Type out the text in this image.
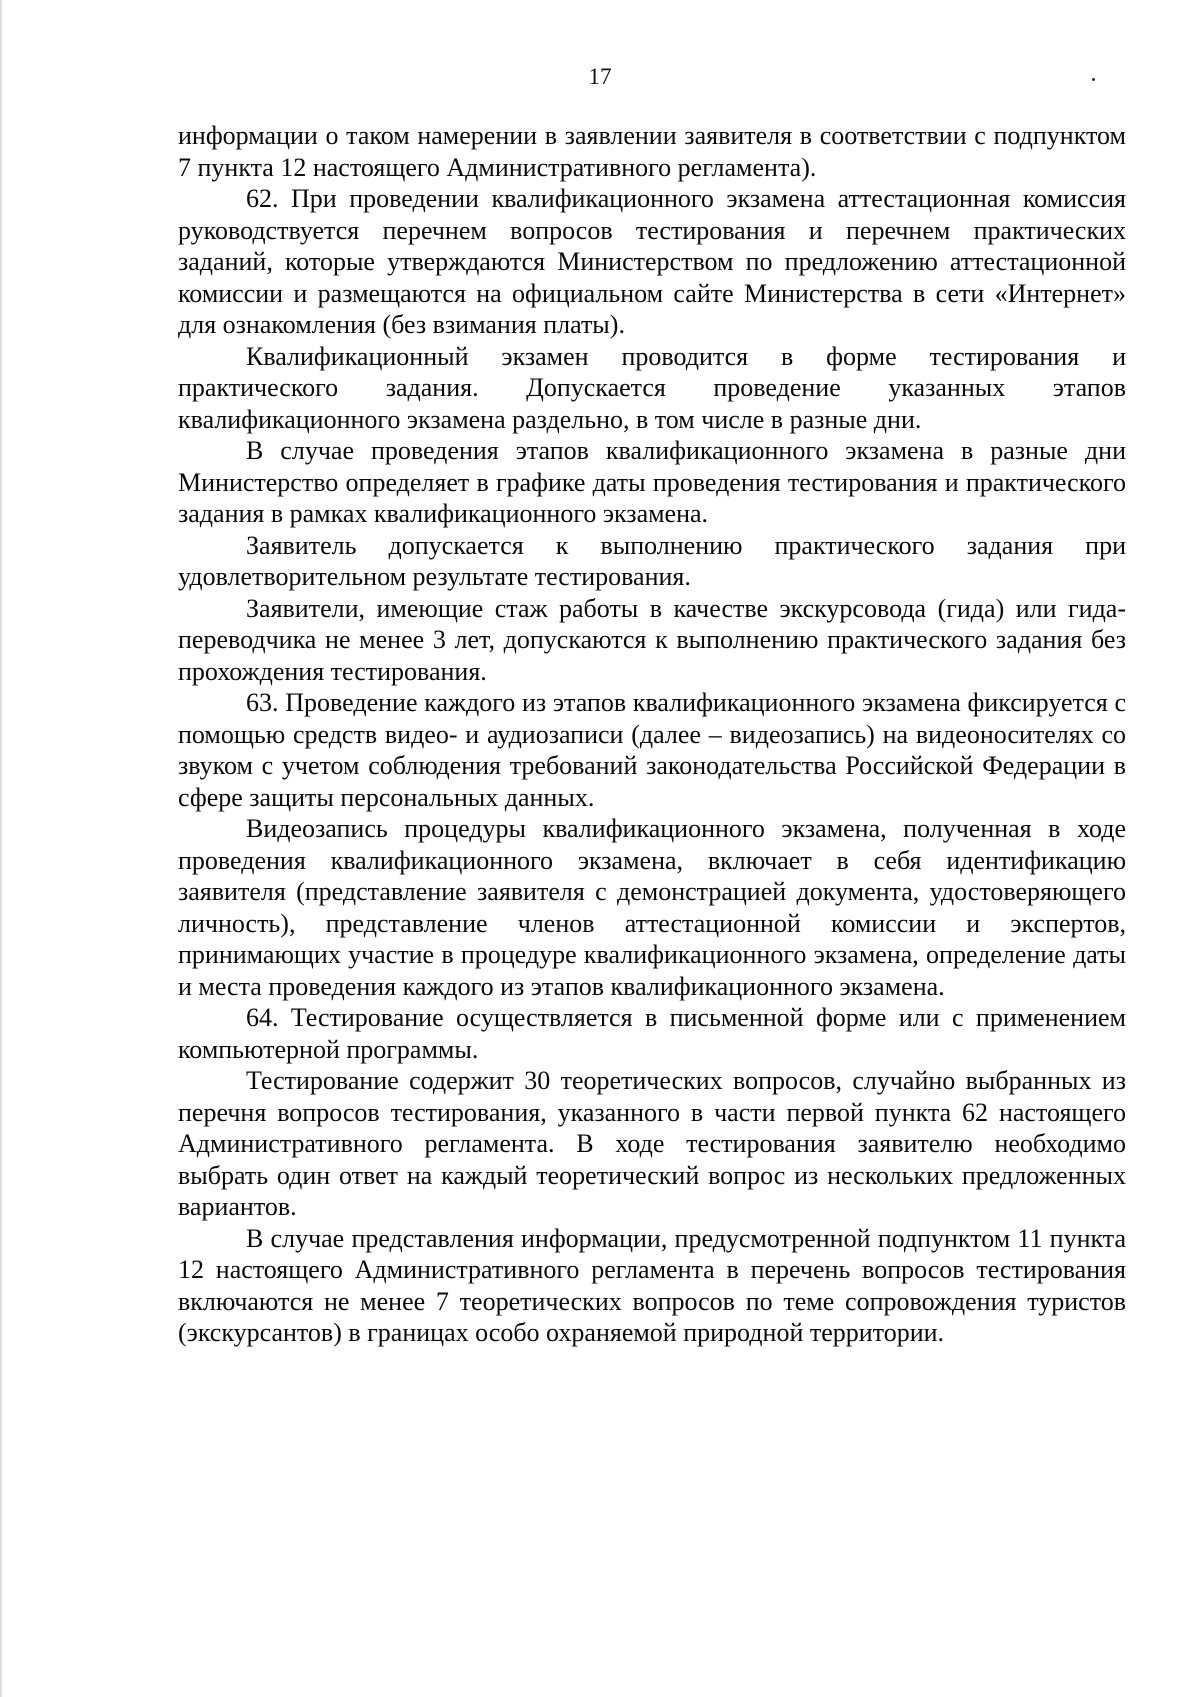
17

информации о таком намерении в заявлении заявителя в соответствии с подпунктом 7 пункта 12 настоящего Административного регламента).

62. При проведении квалификационного экзамена аттестационная комиссия руководствуется перечнем вопросов тестирования и перечнем практических заданий, которые утверждаются Министерством по предложению аттестационной комиссии и размещаются на официальном сайте Министерства в сети «Интернет» для ознакомления (без взимания платы).

Квалификационный экзамен проводится в форме тестирования и практического задания. Допускается проведение указанных этапов квалификационного экзамена раздельно, в том числе в разные дни.

В случае проведения этапов квалификационного экзамена в разные дни Министерство определяет в графике даты проведения тестирования и практического задания в рамках квалификационного экзамена.

Заявитель допускается к выполнению практического задания при удовлетворительном результате тестирования.

Заявители, имеющие стаж работы в качестве экскурсовода (гида) или гида-переводчика не менее 3 лет, допускаются к выполнению практического задания без прохождения тестирования.

63. Проведение каждого из этапов квалификационного экзамена фиксируется с помощью средств видео- и аудиозаписи (далее – видеозапись) на видеоносителях со звуком с учетом соблюдения требований законодательства Российской Федерации в сфере защиты персональных данных.

Видеозапись процедуры квалификационного экзамена, полученная в ходе проведения квалификационного экзамена, включает в себя идентификацию заявителя (представление заявителя с демонстрацией документа, удостоверяющего личность), представление членов аттестационной комиссии и экспертов, принимающих участие в процедуре квалификационного экзамена, определение даты и места проведения каждого из этапов квалификационного экзамена.

64. Тестирование осуществляется в письменной форме или с применением компьютерной программы.

Тестирование содержит 30 теоретических вопросов, случайно выбранных из перечня вопросов тестирования, указанного в части первой пункта 62 настоящего Административного регламента. В ходе тестирования заявителю необходимо выбрать один ответ на каждый теоретический вопрос из нескольких предложенных вариантов.

В случае представления информации, предусмотренной подпунктом 11 пункта 12 настоящего Административного регламента в перечень вопросов тестирования включаются не менее 7 теоретических вопросов по теме сопровождения туристов (экскурсантов) в границах особо охраняемой природной территории.
